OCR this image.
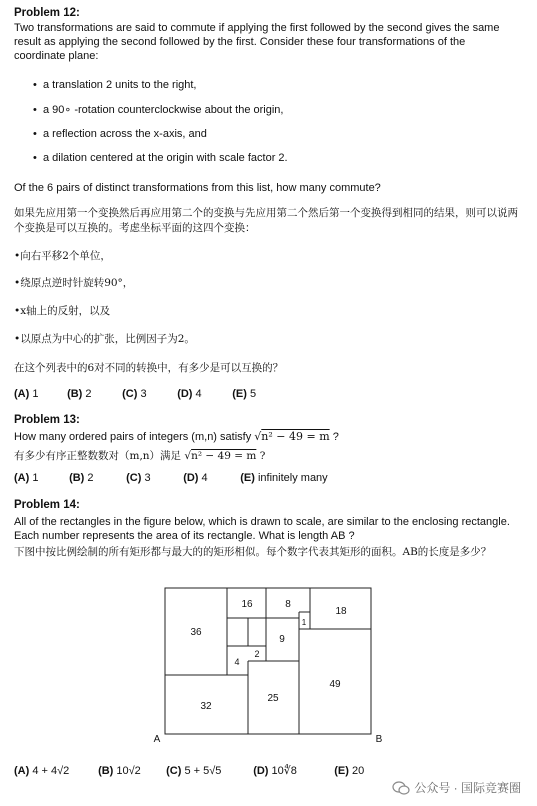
Problem 12:
Two transformations are said to commute if applying the first followed by the second gives the same result as applying the second followed by the first. Consider these four transformations of the coordinate plane:
• a translation 2 units to the right,
• a 90∘ -rotation counterclockwise about the origin,
• a reflection across the x-axis, and
• a dilation centered at the origin with scale factor 2.
Of the 6 pairs of distinct transformations from this list, how many commute?
如果先应用第一个变换然后再应用第二个的变换与先应用第二个然后第一个变换得到相同的结果，则可以说两个变换是可以互换的。考虑坐标平面的这四个变换：
•向右平移2个单位，
•绕原点逆时针旋转90°，
•x轴上的反射，以及
•以原点为中心的扩张，比例因子为2。
在这个列表中的6对不同的转换中，有多少是可以互换的？
(A) 1	(B) 2	(C) 3	(D) 4	(E) 5
Problem 13:
How many ordered pairs of integers (m,n) satisfy √n² − 49 = m ?
有多少有序正整数数对（m,n）满足 √n² − 49 = m ?
(A) 1	(B) 2	(C) 3	(D) 4	(E) infinitely many
Problem 14:
All of the rectangles in the figure below, which is drawn to scale, are similar to the enclosing rectangle. Each number represents the area of its rectangle. What is length AB ?
下图中按比例绘制的所有矩形都与最大的的矩形相似。每个数字代表其矩形的面积。AB的长度是多少？
36
16	8
18
1
9
2
4
32
25
49
A	B
(A) 4 + 4√2	(B) 10√2 (C) 5 + 5√5	(D) 10∜8	(E) 20
公众号 · 国际竞赛圈
